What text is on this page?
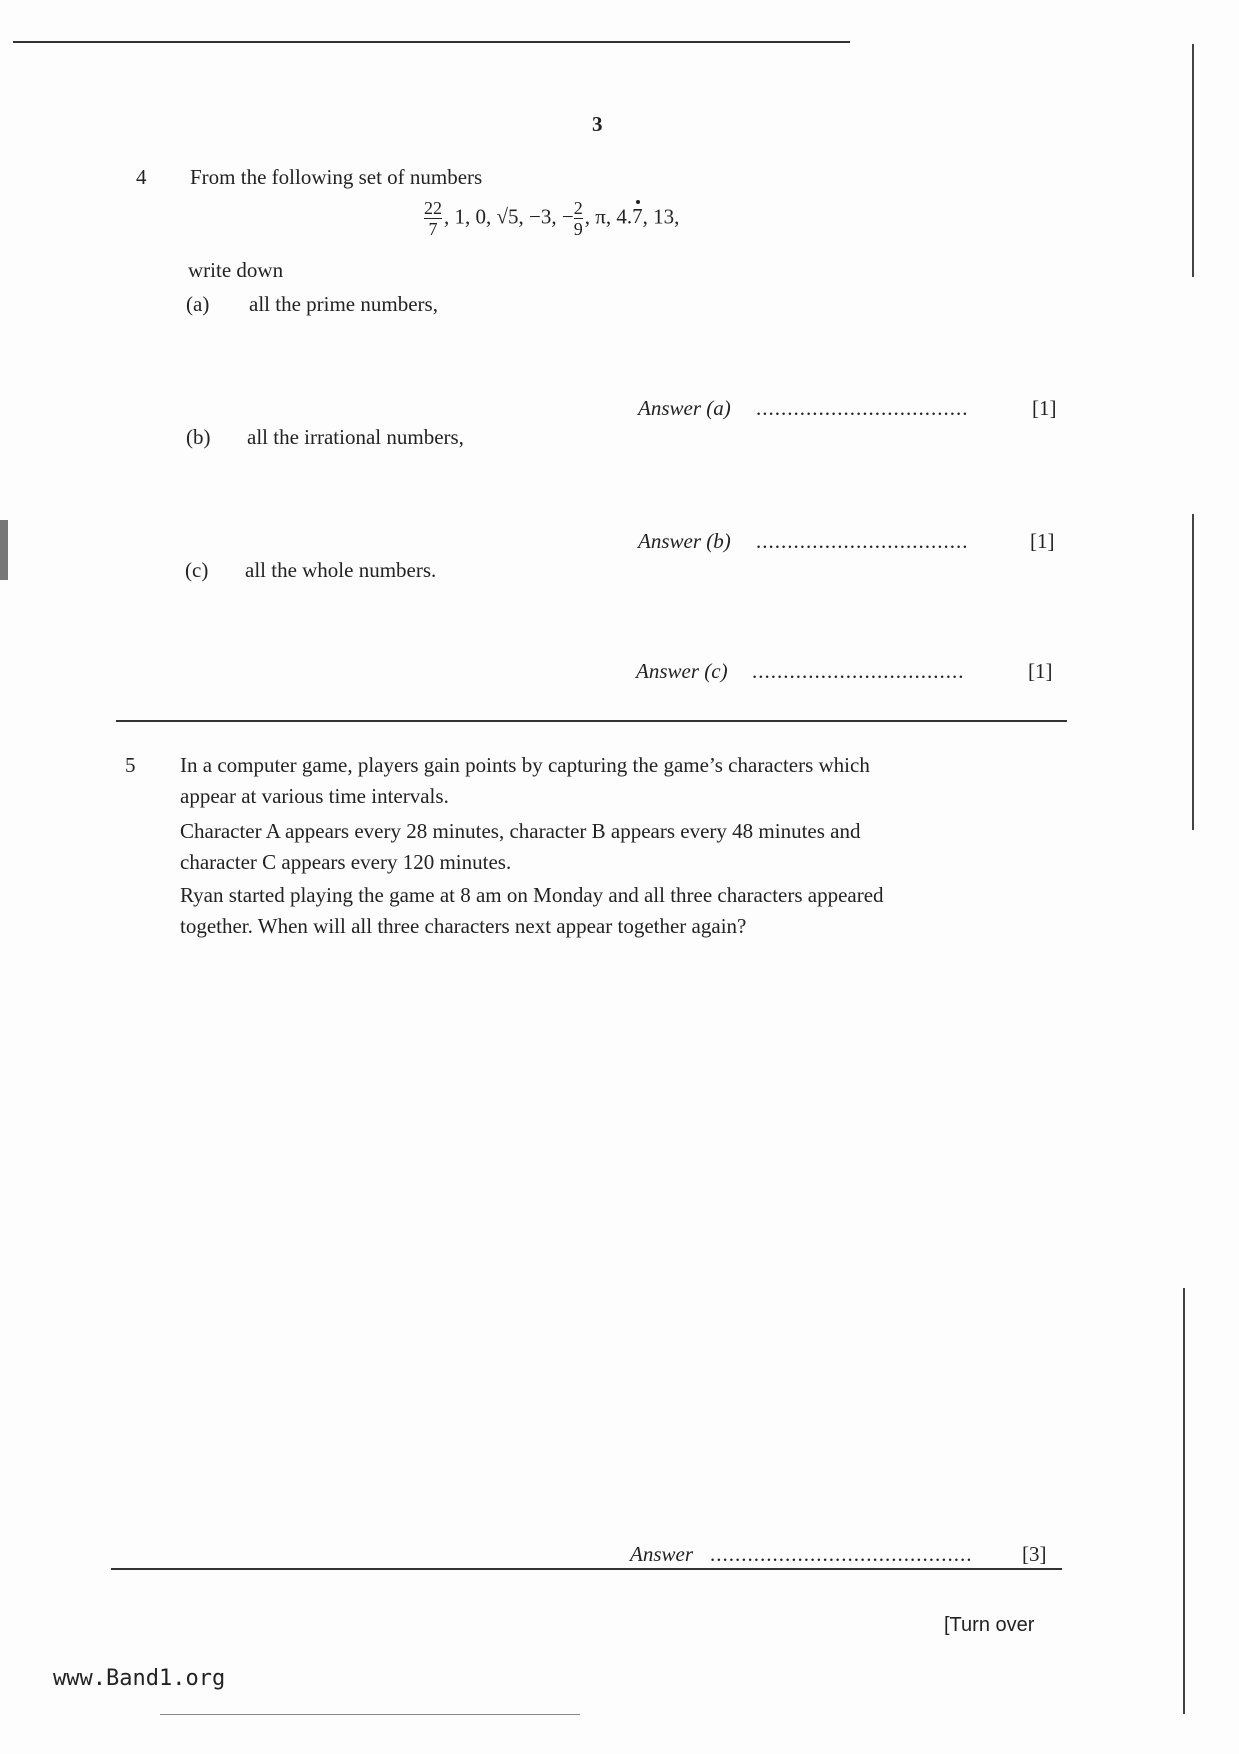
3
4 From the following set of numbers
$\frac{22}{7}$ , 1, 0, √5, −3, − $\frac{2}{9}$ , π, 4.7, 13,
write down
(a) all the prime numbers,
Answer (a) ..................................	[1]
(b) all the irrational numbers,
Answer (b) ..................................	[1]
(c) all the whole numbers.
Answer (c) ..................................	[1]
5 In a computer game, players gain points by capturing the game’s characters which
appear at various time intervals.
Character A appears every 28 minutes, character B appears every 48 minutes and
character C appears every 120 minutes.
Ryan started playing the game at 8 am on Monday and all three characters appeared
together. When will all three characters next appear together again?
Answer .......................................... [3]
[Turn over
www.Band1.org
